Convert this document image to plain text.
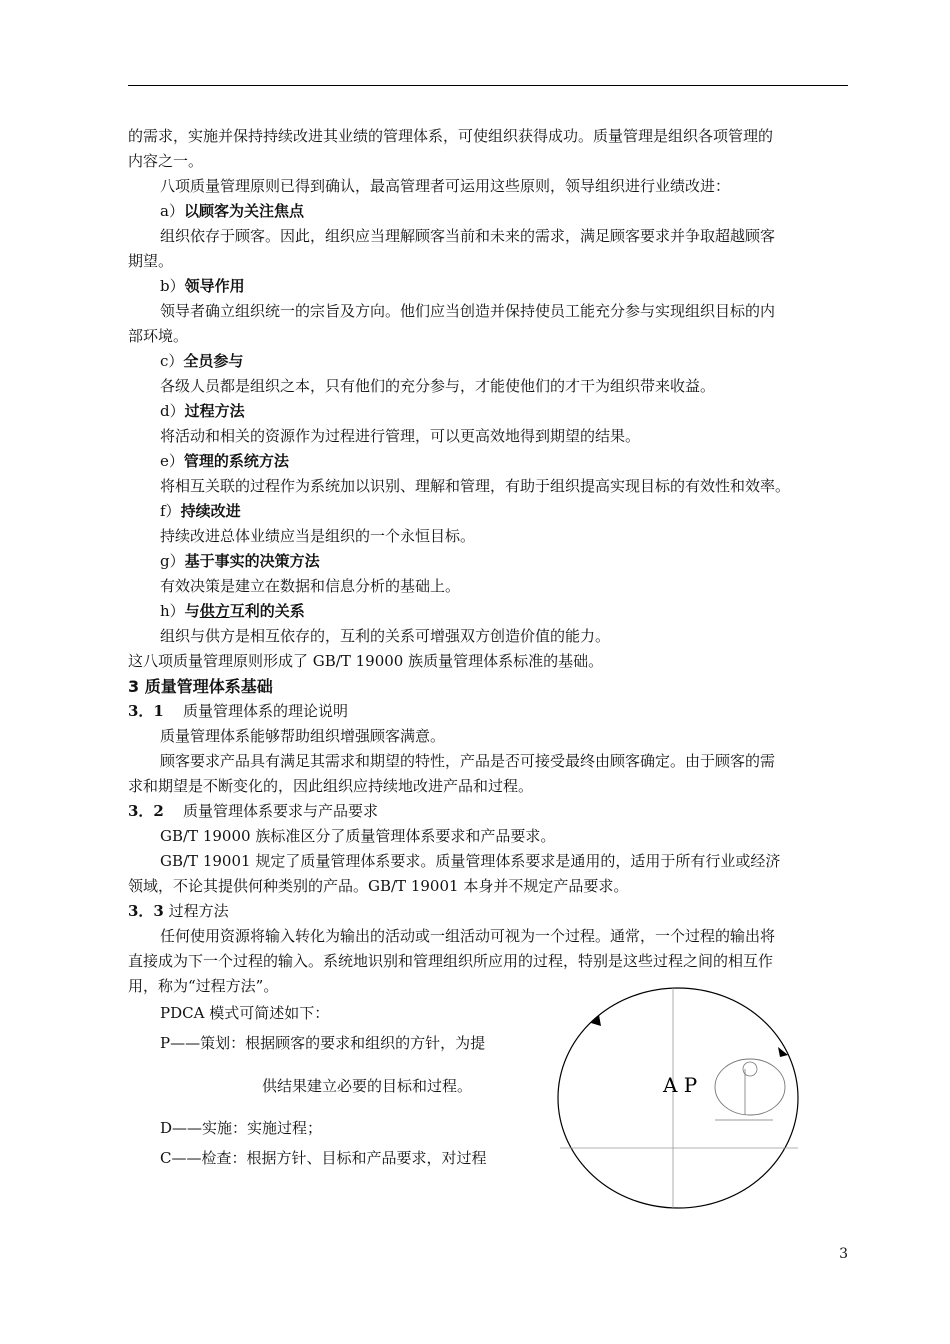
的需求，实施并保持持续改进其业绩的管理体系，可使组织获得成功。质量管理是组织各项管理的

内容之一。

八项质量管理原则已得到确认，最高管理者可运用这些原则，领导组织进行业绩改进：

a）以顾客为关注焦点

组织依存于顾客。因此，组织应当理解顾客当前和未来的需求，满足顾客要求并争取超越顾客

期望。

b）领导作用

领导者确立组织统一的宗旨及方向。他们应当创造并保持使员工能充分参与实现组织目标的内

部环境。

c）全员参与

各级人员都是组织之本，只有他们的充分参与，才能使他们的才干为组织带来收益。

d）过程方法

将活动和相关的资源作为过程进行管理，可以更高效地得到期望的结果。

e）管理的系统方法

将相互关联的过程作为系统加以识别、理解和管理，有助于组织提高实现目标的有效性和效率。

f）持续改进

持续改进总体业绩应当是组织的一个永恒目标。

g）基于事实的决策方法

有效决策是建立在数据和信息分析的基础上。

h）与供方互利的关系

组织与供方是相互依存的，互利的关系可增强双方创造价值的能力。

这八项质量管理原则形成了 GB/T 19000 族质量管理体系标准的基础。

3 质量管理体系基础

3．1 质量管理体系的理论说明

质量管理体系能够帮助组织增强顾客满意。

顾客要求产品具有满足其需求和期望的特性，产品是否可接受最终由顾客确定。由于顾客的需

求和期望是不断变化的，因此组织应持续地改进产品和过程。

3．2 质量管理体系要求与产品要求

GB/T 19000 族标准区分了质量管理体系要求和产品要求。

GB/T 19001 规定了质量管理体系要求。质量管理体系要求是通用的，适用于所有行业或经济

领域，不论其提供何种类别的产品。GB/T 19001 本身并不规定产品要求。

3．3 过程方法

任何使用资源将输入转化为输出的活动或一组活动可视为一个过程。通常，一个过程的输出将

直接成为下一个过程的输入。系统地识别和管理组织所应用的过程，特别是这些过程之间的相互作

用，称为“过程方法”。

PDCA 模式可简述如下：

P——策划：根据顾客的要求和组织的方针，为提

供结果建立必要的目标和过程。

D——实施：实施过程；

C——检查：根据方针、目标和产品要求，对过程

A P
3
